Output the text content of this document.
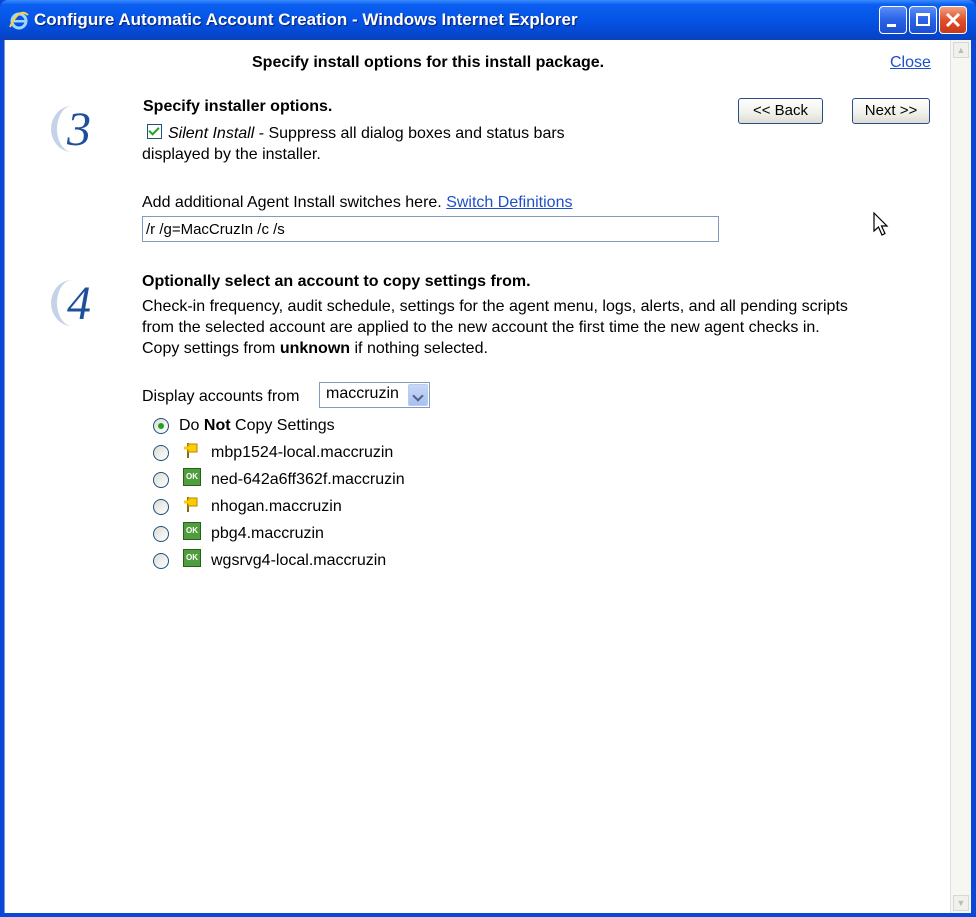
Configure Automatic Account Creation - Windows Internet Explorer
Specify install options for this install package.	Close
3	Specify installer options.	<< Back	Next >>
Silent Install - Suppress all dialog boxes and status bars
displayed by the installer.
Add additional Agent Install switches here. Switch Definitions
/r /g=MacCruzIn /c /s
4	Optionally select an account to copy settings from.
Check-in frequency, audit schedule, settings for the agent menu, logs, alerts, and all pending scripts
from the selected account are applied to the new account the first time the new agent checks in.
Copy settings from unknown if nothing selected.
Display accounts from	maccruzin
Do Not Copy Settings
mbp1524-local.maccruzin
OK ned-642a6ff362f.maccruzin
nhogan.maccruzin
OK pbg4.maccruzin
OK wgsrvg4-local.maccruzin
▲
▼
